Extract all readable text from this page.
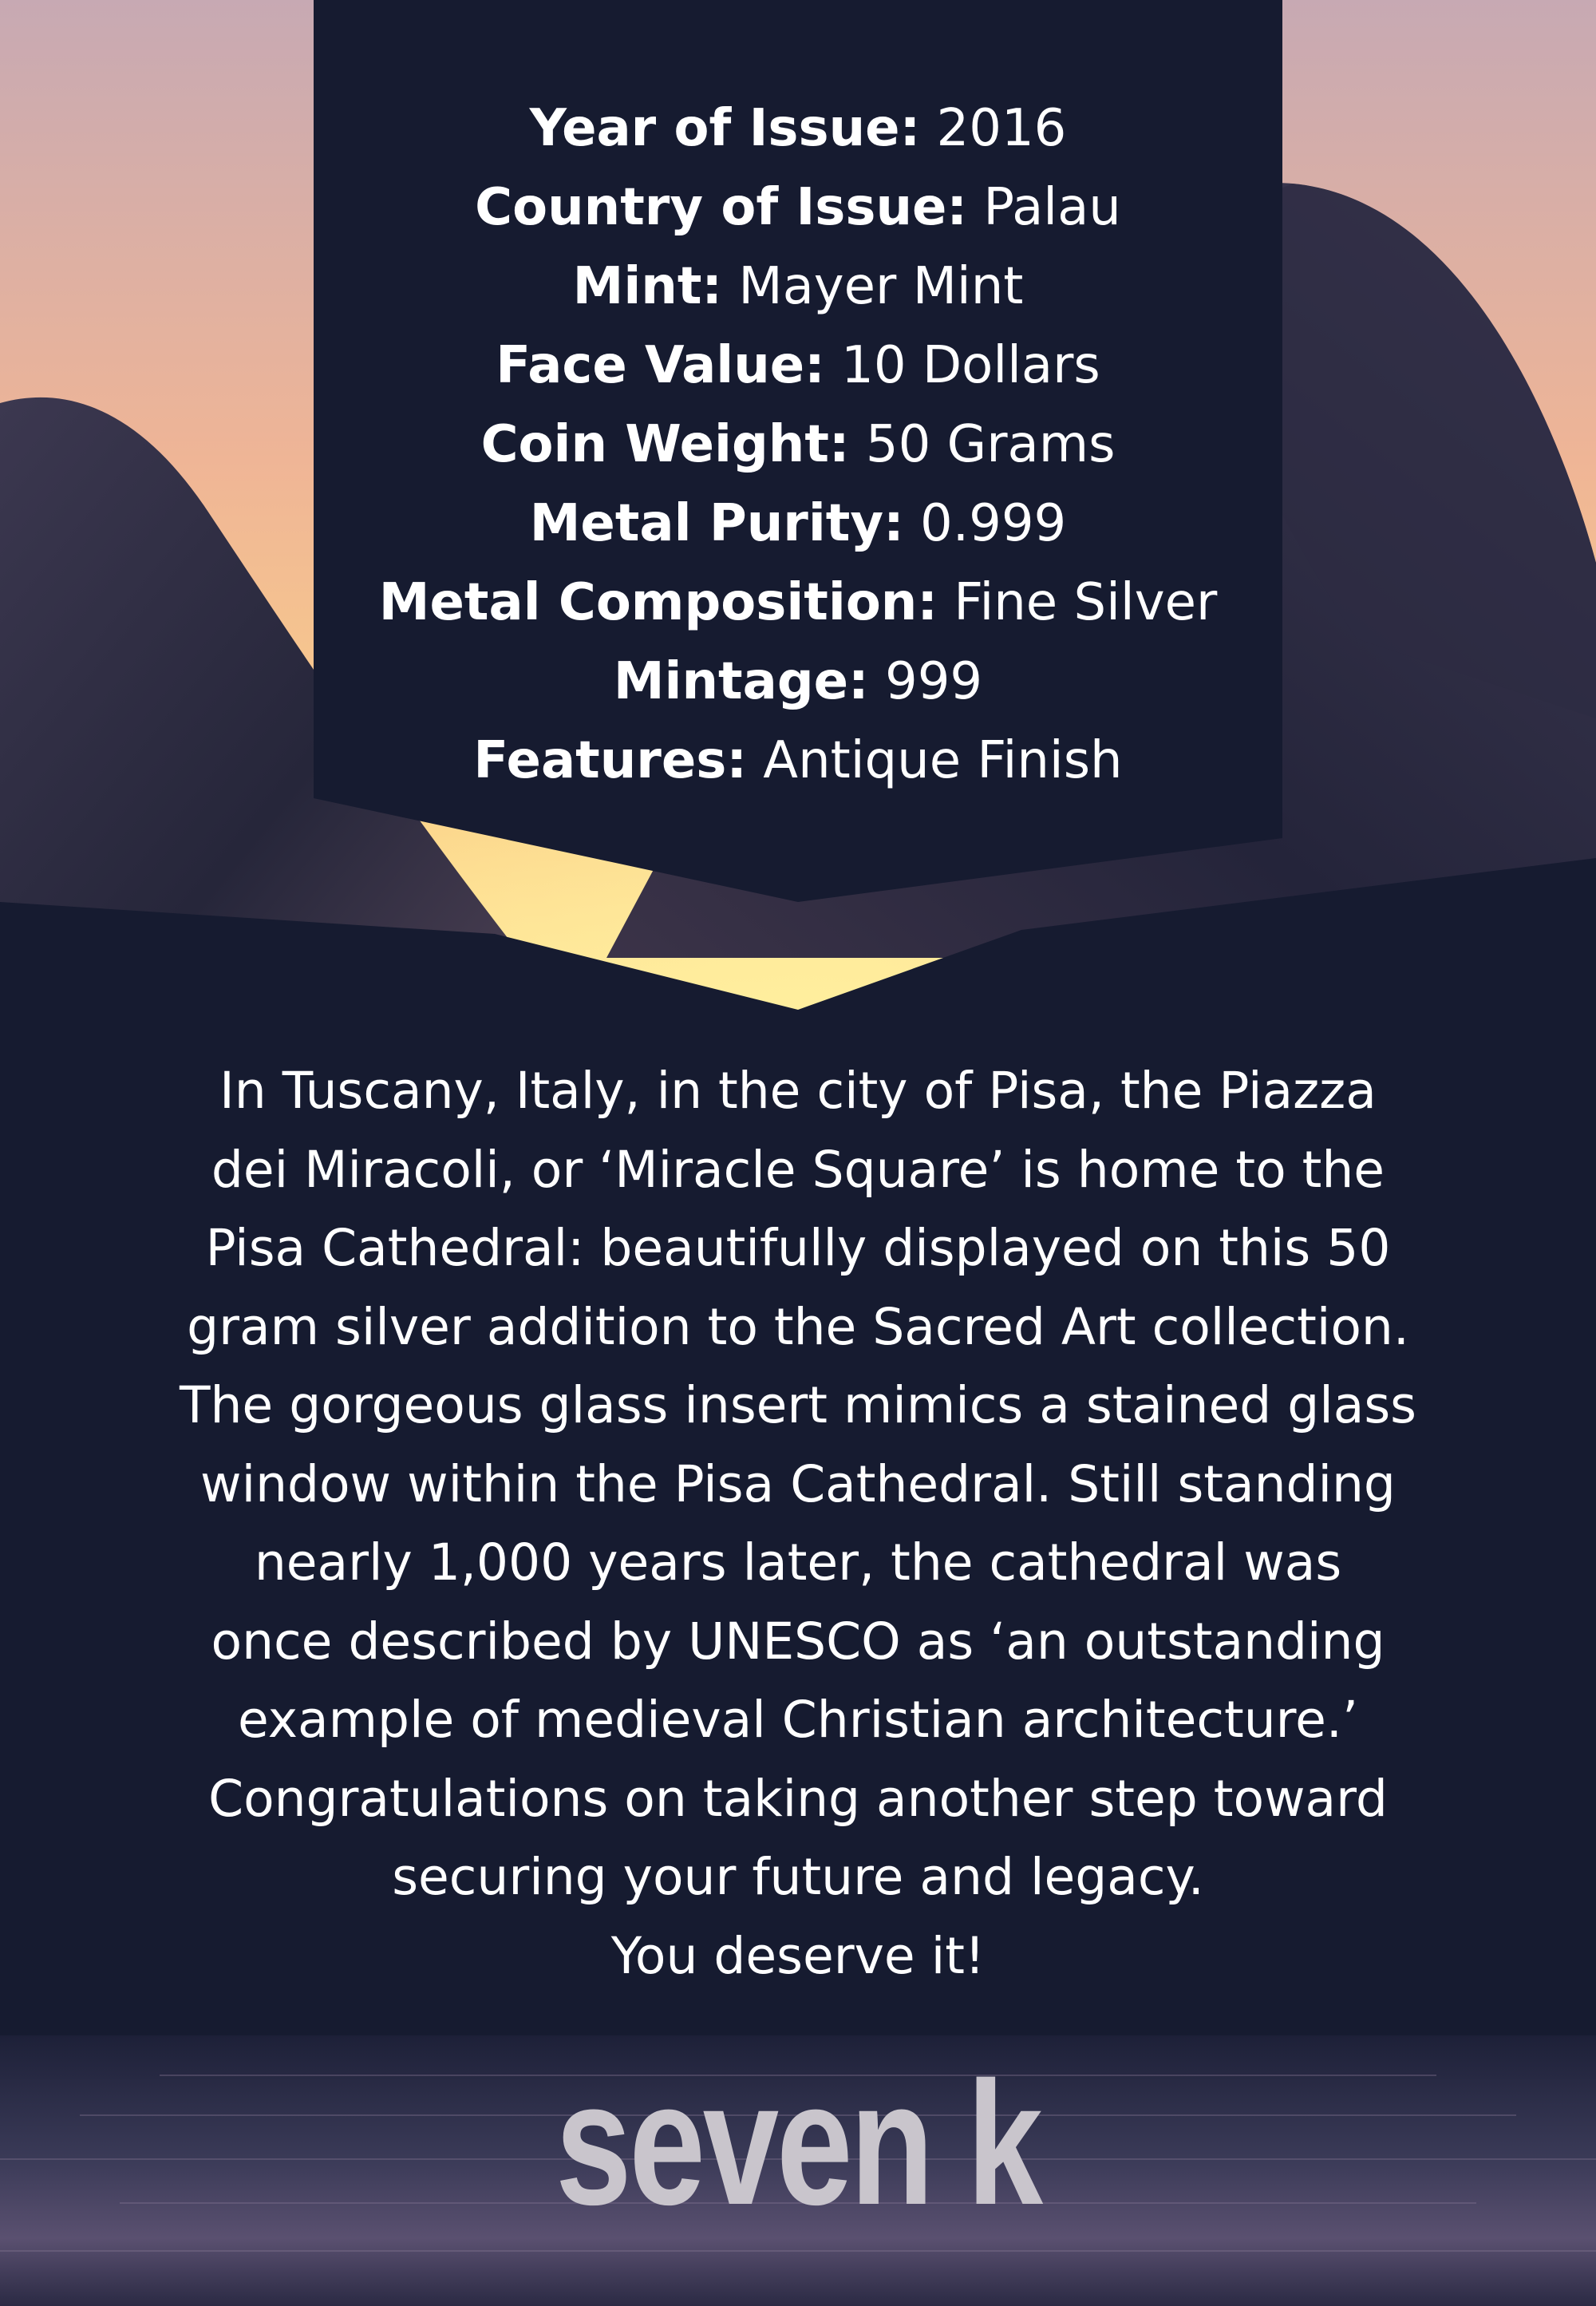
Year of Issue: 2016
Country of Issue: Palau
Mint: Mayer Mint
Face Value: 10 Dollars
Coin Weight: 50 Grams
Metal Purity: 0.999
Metal Composition: Fine Silver
Mintage: 999
Features: Antique Finish

In Tuscany, Italy, in the city of Pisa, the Piazza

dei Miracoli, or ‘Miracle Square’ is home to the

Pisa Cathedral: beautifully displayed on this 50

gram silver addition to the Sacred Art collection.

The gorgeous glass insert mimics a stained glass

window within the Pisa Cathedral. Still standing

nearly 1,000 years later, the cathedral was

once described by UNESCO as ‘an outstanding

example of medieval Christian architecture.’

Congratulations on taking another step toward

securing your future and legacy.

You deserve it!

seven k
